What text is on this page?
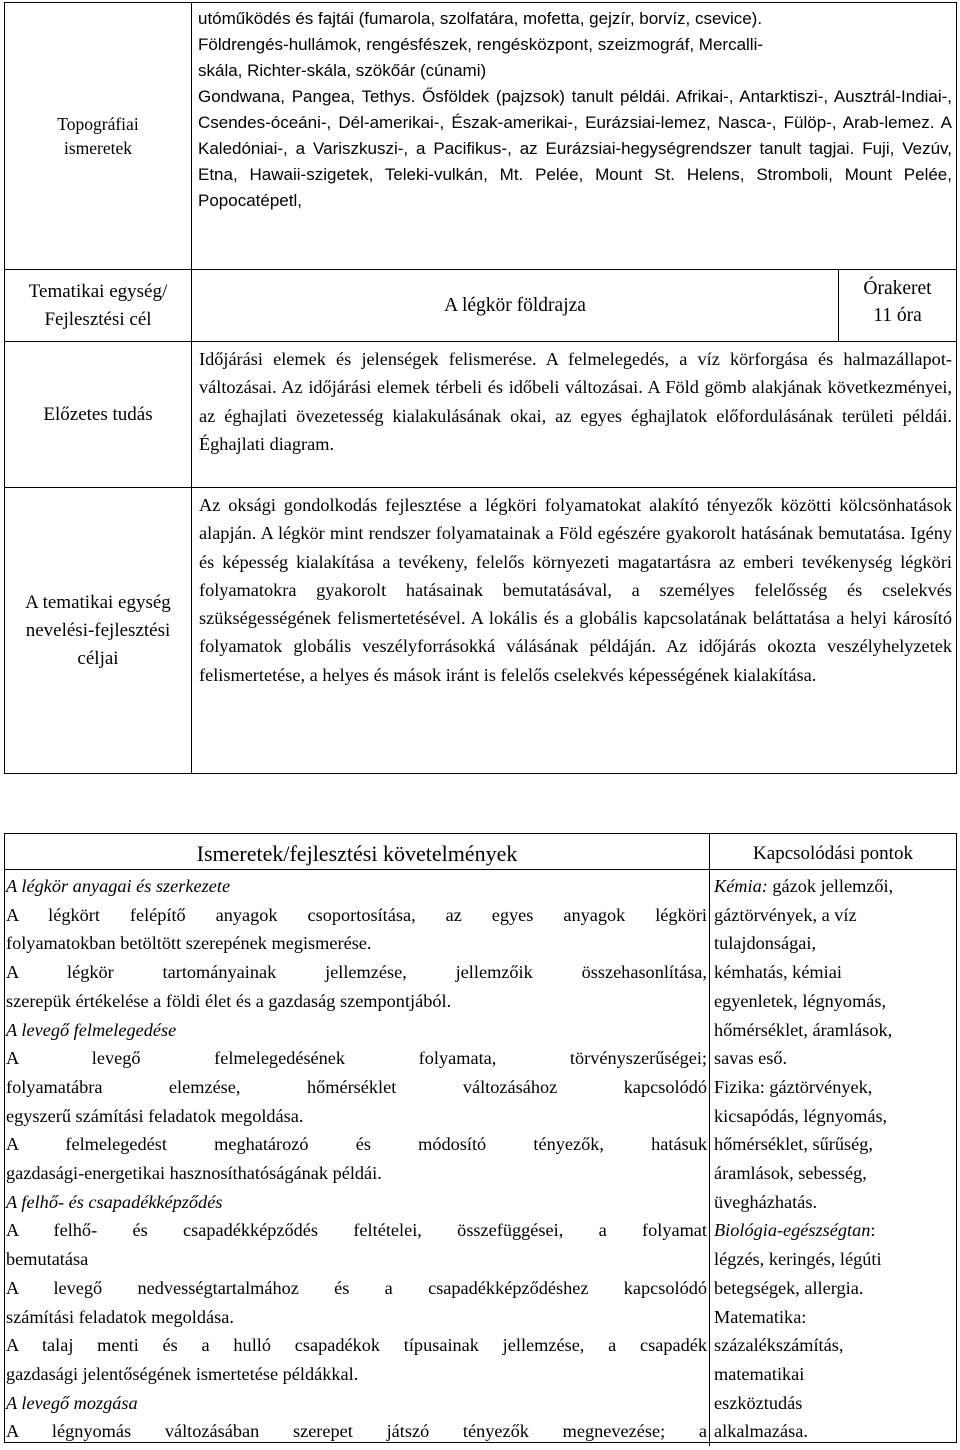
Topográfiai ismeretek
utóműködés és fajtái (fumarola, szolfatára, mofetta, gejzír, borvíz, csevice).
Földrengés-hullámok, rengésfészek, rengésközpont, szeizmográf, Mercalli-
skála, Richter-skála, szökőár (cúnami)

Gondwana, Pangea, Tethys. Ősföldek (pajzsok) tanult példái. Afrikai-, Antarktiszi-, Ausztrál-Indiai-, Csendes-óceáni-, Dél-amerikai-, Észak-amerikai-, Eurázsiai-lemez, Nasca-, Fülöp-, Arab-lemez. A Kaledóniai-, a Variszkuszi-, a Pacifikus-, az Eurázsiai-hegységrendszer tanult tagjai. Fuji, Vezúv, Etna, Hawaii-szigetek, Teleki-vulkán, Mt. Pelée, Mount St. Helens, Stromboli, Mount Pelée, Popocatépetl,

Tematikai egység/ Fejlesztési cél
A légkör földrajza
Órakeret
11 óra
Előzetes tudás

Időjárási elemek és jelenségek felismerése. A felmelegedés, a víz körforgása és halmazállapot-változásai. Az időjárási elemek térbeli és időbeli változásai. A Föld gömb alakjának következményei, az éghajlati övezetesség kialakulásának okai, az egyes éghajlatok előfordulásának területi példái. Éghajlati diagram.

A tematikai egység nevelési-fejlesztési céljai

Az oksági gondolkodás fejlesztése a légköri folyamatokat alakító tényezők közötti kölcsönhatások alapján. A légkör mint rendszer folyamatainak a Föld egészére gyakorolt hatásának bemutatása. Igény és képesség kialakítása a tevékeny, felelős környezeti magatartásra az emberi tevékenység légköri folyamatokra gyakorolt hatásainak bemutatásával, a személyes felelősség és cselekvés szükségességének felismertetésével. A lokális és a globális kapcsolatának beláttatása a helyi károsító folyamatok globális veszélyforrásokká válásának példáján. Az időjárás okozta veszélyhelyzetek felismertetése, a helyes és mások iránt is felelős cselekvés képességének kialakítása.

Ismeretek/fejlesztési követelmények	Kapcsolódási pontok
A légkör anyagai és szerkezete
A légkört felépítő anyagok csoportosítása, az egyes anyagok légköri
folyamatokban betöltött szerepének megismerése.
A légkör tartományainak jellemzése, jellemzőik összehasonlítása,
szerepük értékelése a földi élet és a gazdaság szempontjából.
A levegő felmelegedése
A levegő felmelegedésének folyamata, törvényszerűségei;
folyamatábra elemzése, hőmérséklet változásához kapcsolódó
egyszerű számítási feladatok megoldása.
A felmelegedést meghatározó és módosító tényezők, hatásuk
gazdasági-energetikai hasznosíthatóságának példái.
A felhő- és csapadékképződés
A felhő- és csapadékképződés feltételei, összefüggései, a folyamat
bemutatása
A levegő nedvességtartalmához és a csapadékképződéshez kapcsolódó
számítási feladatok megoldása.
A talaj menti és a hulló csapadékok típusainak jellemzése, a csapadék
gazdasági jelentőségének ismertetése példákkal.
A levegő mozgása
A légnyomás változásában szerepet játszó tényezők megnevezése; a
Kémia: gázok jellemzői,
gáztörvények, a víz
tulajdonságai,
kémhatás, kémiai
egyenletek, légnyomás,
hőmérséklet, áramlások,
savas eső.
Fizika: gáztörvények,
kicsapódás, légnyomás,
hőmérséklet, sűrűség,
áramlások, sebesség,
üvegházhatás.
Biológia-egészségtan:
légzés, keringés, légúti
betegségek, allergia.
Matematika:
százalékszámítás,
matematikai
eszköztudás
alkalmazása.
